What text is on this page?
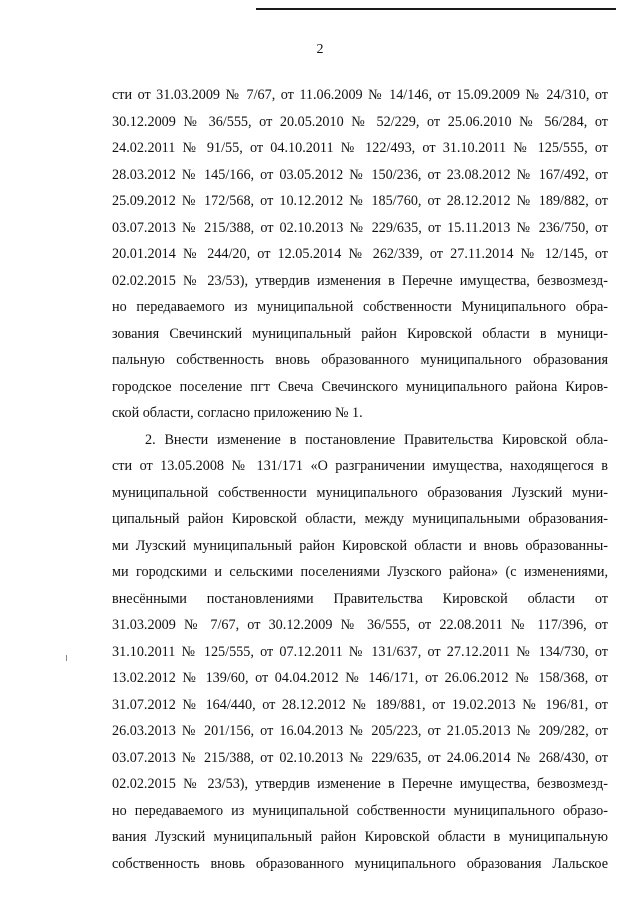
2
сти от 31.03.2009 № 7/67, от 11.06.2009 № 14/146, от 15.09.2009 № 24/310, от
30.12.2009 № 36/555, от 20.05.2010 № 52/229, от 25.06.2010 № 56/284, от
24.02.2011 № 91/55, от 04.10.2011 № 122/493, от 31.10.2011 № 125/555, от
28.03.2012 № 145/166, от 03.05.2012 № 150/236, от 23.08.2012 № 167/492, от
25.09.2012 № 172/568, от 10.12.2012 № 185/760, от 28.12.2012 № 189/882, от
03.07.2013 № 215/388, от 02.10.2013 № 229/635, от 15.11.2013 № 236/750, от
20.01.2014 № 244/20, от 12.05.2014 № 262/339, от 27.11.2014 № 12/145, от
02.02.2015 № 23/53), утвердив изменения в Перечне имущества, безвозмезд-
но передаваемого из муниципальной собственности Муниципального обра-
зования Свечинский муниципальный район Кировской области в муници-
пальную собственность вновь образованного муниципального образования
городское поселение пгт Свеча Свечинского муниципального района Киров-
ской области, согласно приложению № 1.
2. Внести изменение в постановление Правительства Кировской обла-
сти от 13.05.2008 № 131/171 «О разграничении имущества, находящегося в
муниципальной собственности муниципального образования Лузский муни-
ципальный район Кировской области, между муниципальными образования-
ми Лузский муниципальный район Кировской области и вновь образованны-
ми городскими и сельскими поселениями Лузского района» (с изменениями,
внесёнными постановлениями Правительства Кировской области от
31.03.2009 № 7/67, от 30.12.2009 № 36/555, от 22.08.2011 № 117/396, от
31.10.2011 № 125/555, от 07.12.2011 № 131/637, от 27.12.2011 № 134/730, от
13.02.2012 № 139/60, от 04.04.2012 № 146/171, от 26.06.2012 № 158/368, от
31.07.2012 № 164/440, от 28.12.2012 № 189/881, от 19.02.2013 № 196/81, от
26.03.2013 № 201/156, от 16.04.2013 № 205/223, от 21.05.2013 № 209/282, от
03.07.2013 № 215/388, от 02.10.2013 № 229/635, от 24.06.2014 № 268/430, от
02.02.2015 № 23/53), утвердив изменение в Перечне имущества, безвозмезд-
но передаваемого из муниципальной собственности муниципального образо-
вания Лузский муниципальный район Кировской области в муниципальную
собственность вновь образованного муниципального образования Лальское
